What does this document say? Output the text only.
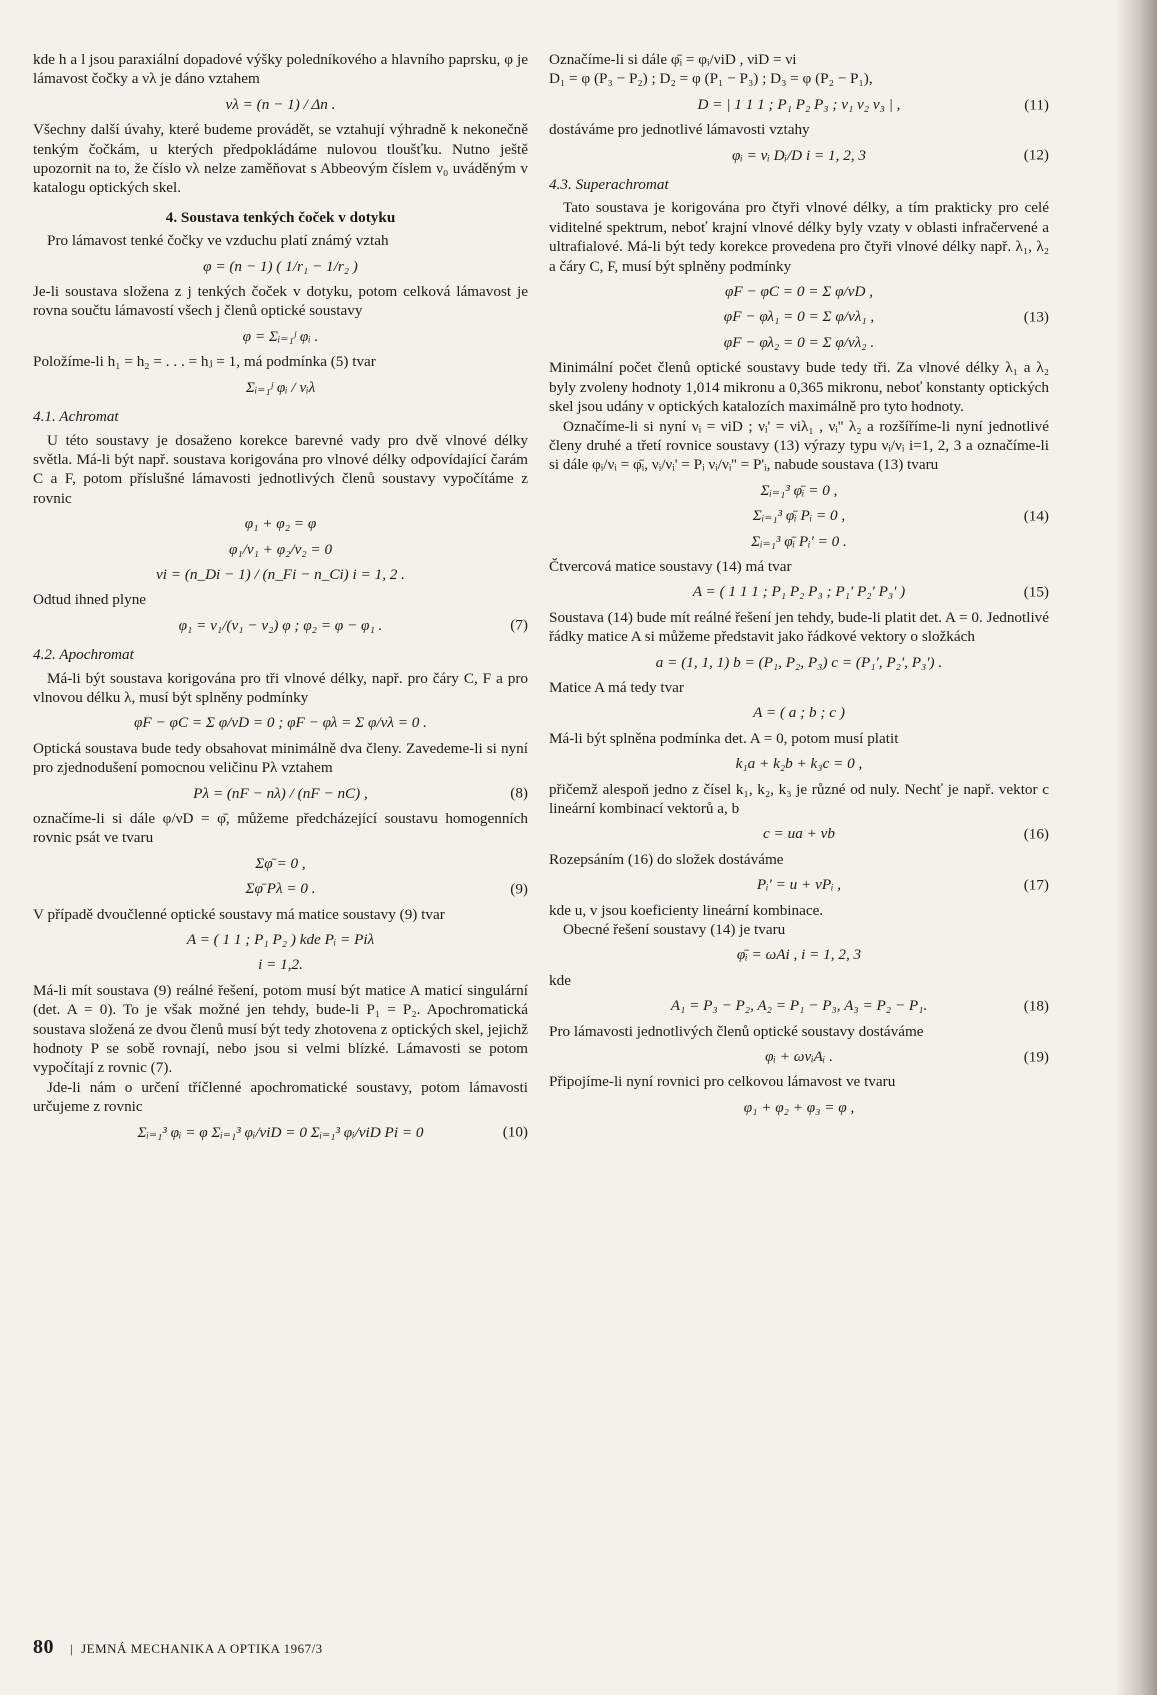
kde h a l jsou paraxiální dopadové výšky poledníkového a hlavního paprsku, φ je lámavost čočky a νλ je dáno vztahem

νλ = (n − 1) / Δn .

Všechny další úvahy, které budeme provádět, se vztahují výhradně k nekonečně tenkým čočkám, u kterých předpokládáme nulovou tloušťku. Nutno ještě upozornit na to, že číslo νλ nelze zaměňovat s Abbeovým číslem ν₀ uváděným v katalogu optických skel.

4. Soustava tenkých čoček v dotyku

Pro lámavost tenké čočky ve vzduchu platí známý vztah

φ = (n − 1) ( 1/r₁ − 1/r₂ )

Je-li soustava složena z j tenkých čoček v dotyku, potom celková lámavost je rovna součtu lámavostí všech j členů optické soustavy

φ = Σᵢ₌₁ʲ φᵢ .

Položíme-li h₁ = h₂ = . . . = hⱼ = 1, má podmínka (5) tvar

Σᵢ₌₁ʲ φᵢ / νᵢλ
4.1. Achromat

U této soustavy je dosaženo korekce barevné vady pro dvě vlnové délky světla. Má-li být např. soustava korigována pro vlnové délky odpovídající čarám C a F, potom příslušné lámavosti jednotlivých členů soustavy vypočítáme z rovnic

φ₁ + φ₂ = φ
φ₁/ν₁ + φ₂/ν₂ = 0
νi = (n_Di − 1) / (n_Fi − n_Ci) i = 1, 2 .

Odtud ihned plyne

φ₁ = ν₁/(ν₁ − ν₂) φ ; φ₂ = φ − φ₁ .	(7)
4.2. Apochromat

Má-li být soustava korigována pro tři vlnové délky, např. pro čáry C, F a pro vlnovou délku λ, musí být splněny podmínky

φF − φC = Σ φ/νD = 0 ; φF − φλ = Σ φ/νλ = 0 .

Optická soustava bude tedy obsahovat minimálně dva členy. Zavedeme-li si nyní pro zjednodušení pomocnou veličinu Pλ vztahem

Pλ = (nF − nλ) / (nF − nC) ,	(8)

označíme-li si dále φ/νD = φ̄, můžeme předcházející soustavu homogenních rovnic psát ve tvaru

Σφ̄ = 0 ,
Σφ̄ Pλ = 0 .	(9)

V případě dvoučlenné optické soustavy má matice soustavy (9) tvar

A = ( 1 1 ; P₁ P₂ ) kde Pᵢ = Piλ
i = 1,2.

Má-li mít soustava (9) reálné řešení, potom musí být matice A maticí singulární (det. A = 0). To je však možné jen tehdy, bude-li P₁ = P₂. Apochromatická soustava složená ze dvou členů musí být tedy zhotovena z optických skel, jejichž hodnoty P se sobě rovnají, nebo jsou si velmi blízké. Lámavosti se potom vypočítají z rovnic (7).

Jde-li nám o určení tříčlenné apochromatické soustavy, potom lámavosti určujeme z rovnic

Σᵢ₌₁³ φᵢ = φ Σᵢ₌₁³ φᵢ/νiD = 0 Σᵢ₌₁³ φᵢ/νiD Pi = 0	(10)

Označíme-li si dále φ̄ᵢ = φᵢ/νiD , νiD = νi

D₁ = φ (P₃ − P₂) ; D₂ = φ (P₁ − P₃) ; D₃ = φ (P₂ − P₁),

D = | 1 1 1 ; P₁ P₂ P₃ ; ν₁ ν₂ ν₃ | ,	(11)

dostáváme pro jednotlivé lámavosti vztahy

φᵢ = νᵢ Dᵢ/D i = 1, 2, 3	(12)
4.3. Superachromat

Tato soustava je korigována pro čtyři vlnové délky, a tím prakticky pro celé viditelné spektrum, neboť krajní vlnové délky byly vzaty v oblasti infračervené a ultrafialové. Má-li být tedy korekce provedena pro čtyři vlnové délky např. λ₁, λ₂ a čáry C, F, musí být splněny podmínky

φF − φC = 0 = Σ φ/νD ,
φF − φλ₁ = 0 = Σ φ/νλ₁ ,	(13)
φF − φλ₂ = 0 = Σ φ/νλ₂ .

Minimální počet členů optické soustavy bude tedy tři. Za vlnové délky λ₁ a λ₂ byly zvoleny hodnoty 1,014 mikronu a 0,365 mikronu, neboť konstanty optických skel jsou udány v optických katalozích maximálně pro tyto hodnoty.

Označíme-li si nyní νᵢ = νiD ; νᵢ' = νiλ₁ , νᵢ'' λ₂ a rozšíříme-li nyní jednotlivé členy druhé a třetí rovnice soustavy (13) výrazy typu νᵢ/νᵢ i=1, 2, 3 a označíme-li si dále φᵢ/νᵢ = φ̄ᵢ, νᵢ/νᵢ' = Pᵢ νᵢ/νᵢ'' = P'ᵢ, nabude soustava (13) tvaru

Σᵢ₌₁³ φ̄ᵢ = 0 ,
Σᵢ₌₁³ φ̄ᵢ Pᵢ = 0 ,	(14)
Σᵢ₌₁³ φ̄ᵢ Pᵢ' = 0 .

Čtvercová matice soustavy (14) má tvar

A = ( 1 1 1 ; P₁ P₂ P₃ ; P₁' P₂' P₃' )	(15)

Soustava (14) bude mít reálné řešení jen tehdy, bude-li platit det. A = 0. Jednotlivé řádky matice A si můžeme představit jako řádkové vektory o složkách

a = (1, 1, 1) b = (P₁, P₂, P₃) c = (P₁', P₂', P₃') .

Matice A má tedy tvar

A = ( a ; b ; c )

Má-li být splněna podmínka det. A = 0, potom musí platit

k₁a + k₂b + k₃c = 0 ,

přičemž alespoň jedno z čísel k₁, k₂, k₃ je různé od nuly. Nechť je např. vektor c lineární kombinací vektorů a, b

c = ua + vb	(16)

Rozepsáním (16) do složek dostáváme

Pᵢ' = u + vPᵢ ,	(17)

kde u, v jsou koeficienty lineární kombinace.

Obecné řešení soustavy (14) je tvaru

φ̄ᵢ = ωAi , i = 1, 2, 3

kde

A₁ = P₃ − P₂, A₂ = P₁ − P₃, A₃ = P₂ − P₁.	(18)

Pro lámavosti jednotlivých členů optické soustavy dostáváme

φᵢ + ωνᵢAᵢ .	(19)

Připojíme-li nyní rovnici pro celkovou lámavost ve tvaru

φ₁ + φ₂ + φ₃ = φ ,
80 | JEMNÁ MECHANIKA A OPTIKA 1967/3
